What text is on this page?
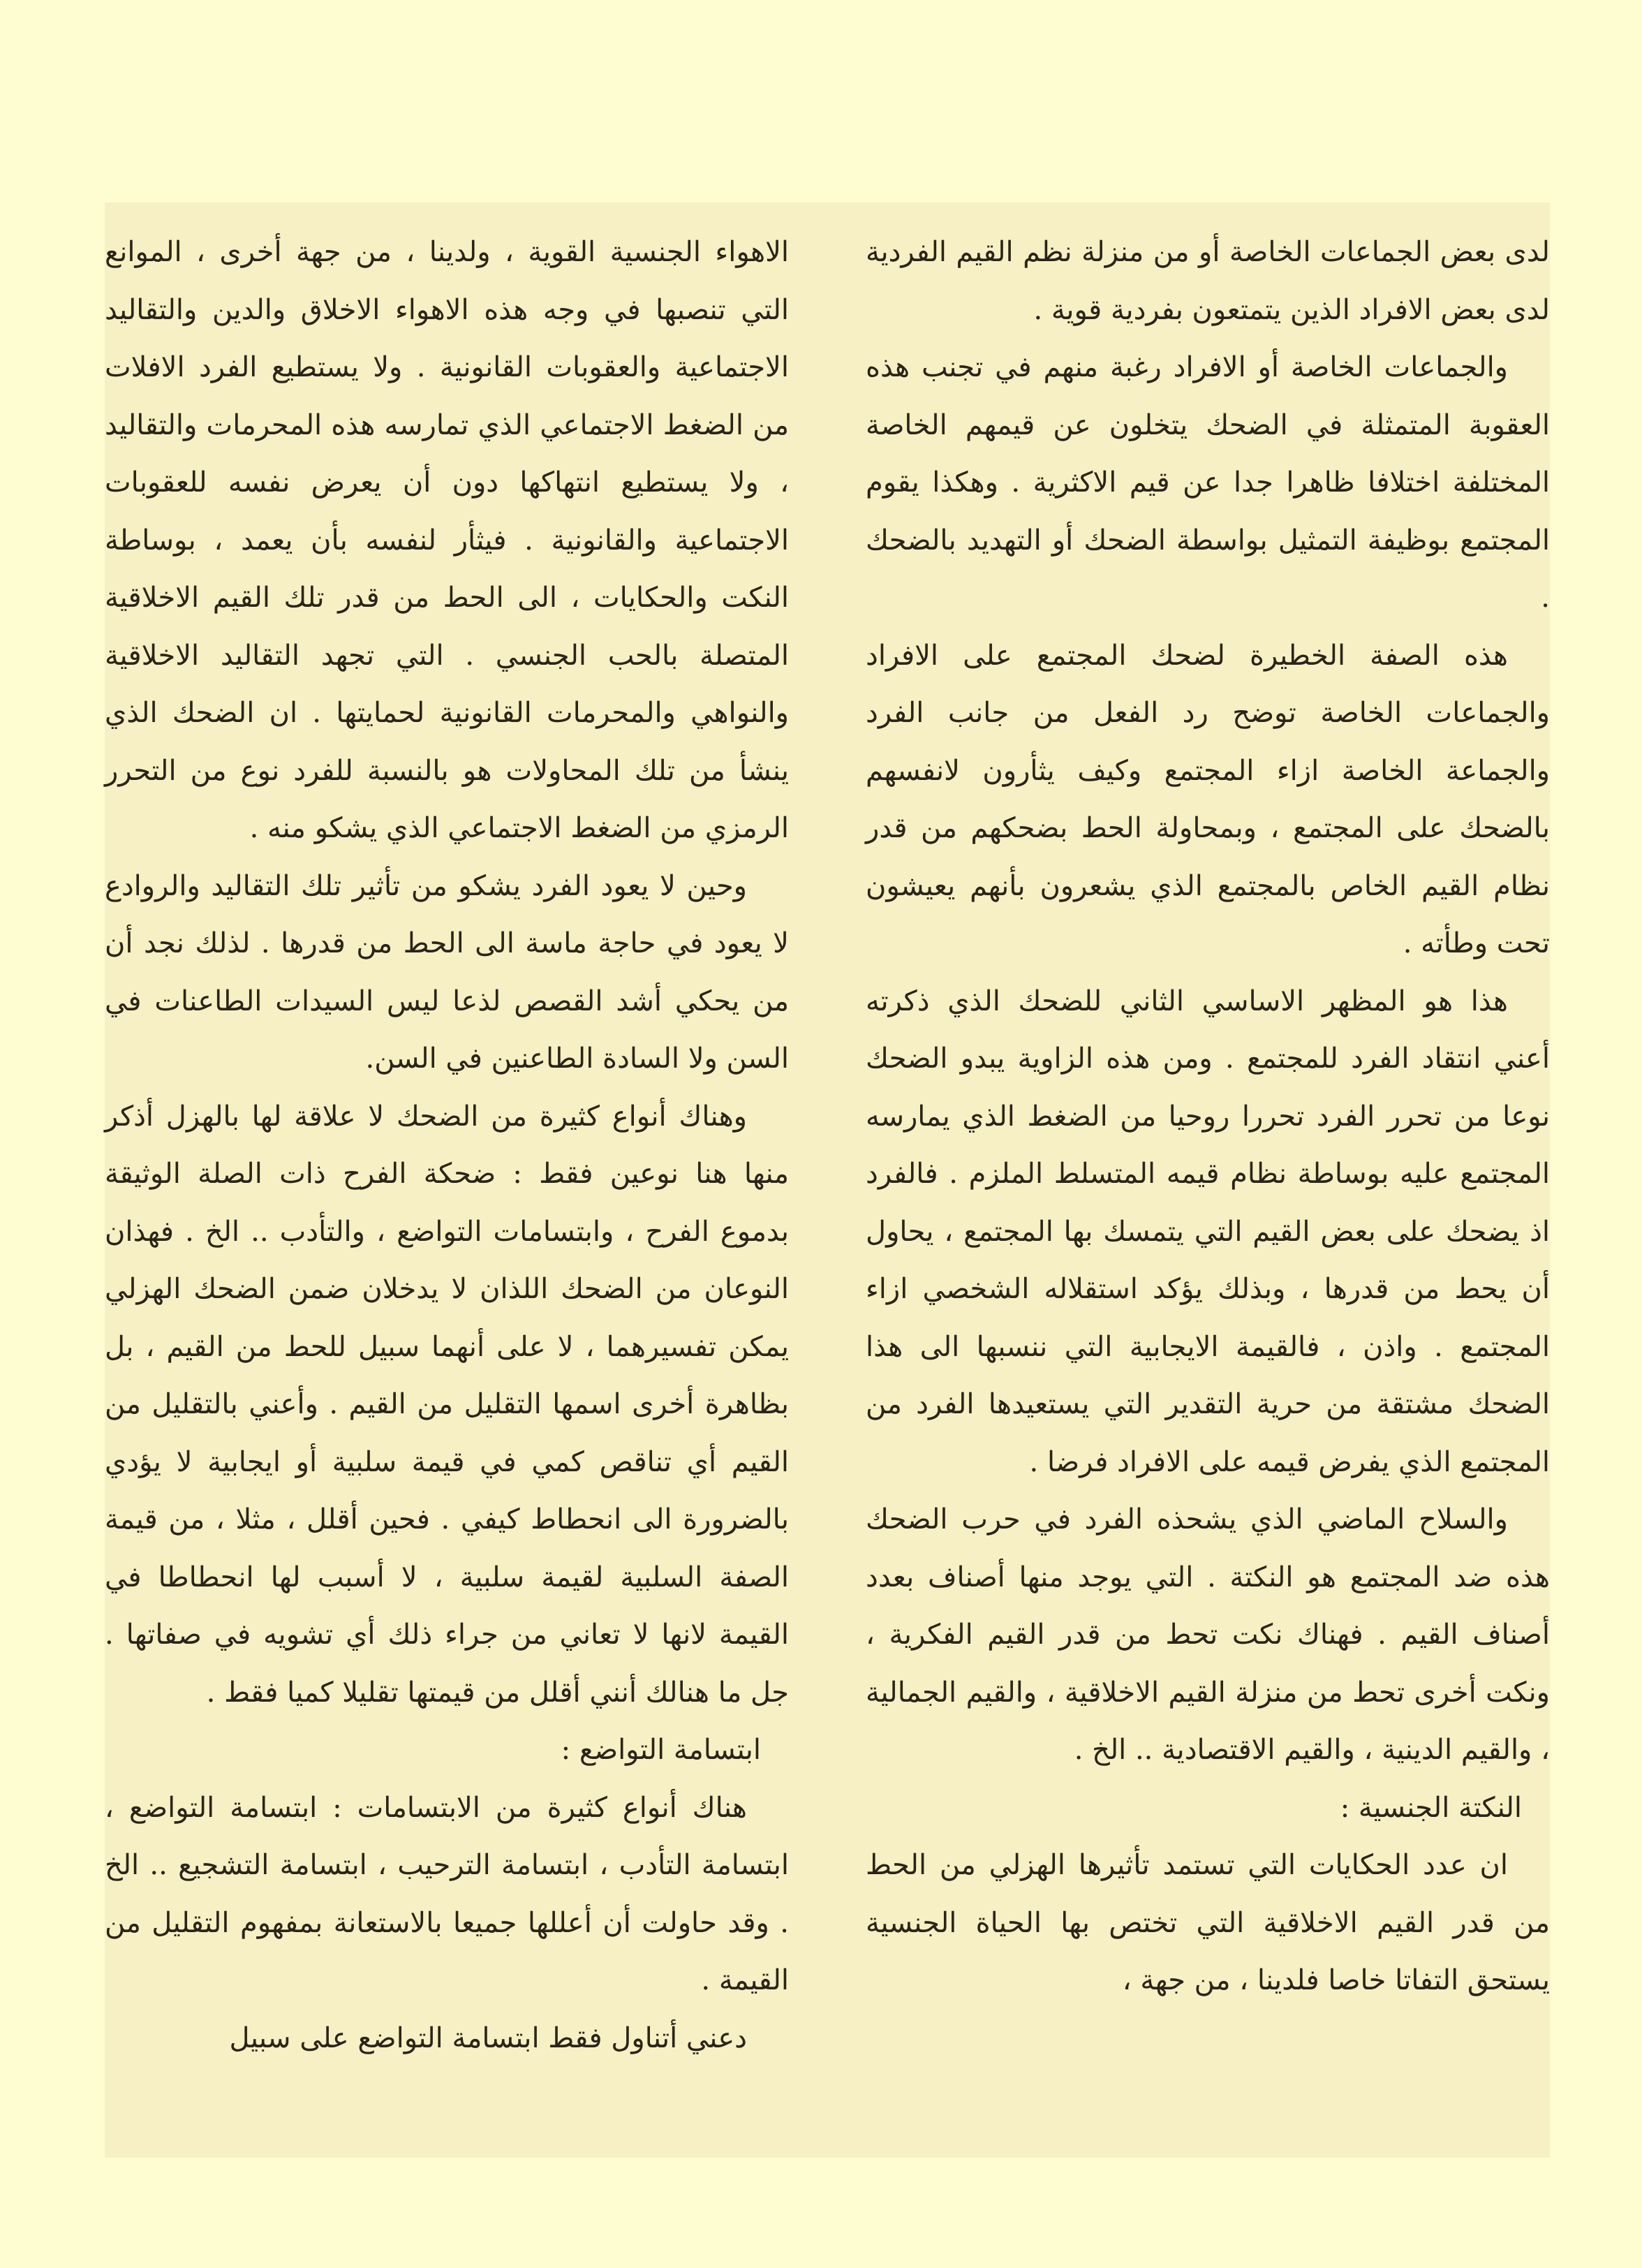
لدى بعض الجماعات الخاصة أو من منزلة نظم القيم الفردية لدى بعض الافراد الذين يتمتعون بفردية قوية .

والجماعات الخاصة أو الافراد رغبة منهم في تجنب هذه العقوبة المتمثلة في الضحك يتخلون عن قيمهم الخاصة المختلفة اختلافا ظاهرا جدا عن قيم الاكثرية . وهكذا يقوم المجتمع بوظيفة التمثيل بواسطة الضحك أو التهديد بالضحك .

هذه الصفة الخطيرة لضحك المجتمع على الافراد والجماعات الخاصة توضح رد الفعل من جانب الفرد والجماعة الخاصة ازاء المجتمع وكيف يثأرون لانفسهم بالضحك على المجتمع ، وبمحاولة الحط بضحكهم من قدر نظام القيم الخاص بالمجتمع الذي يشعرون بأنهم يعيشون تحت وطأته .

هذا هو المظهر الاساسي الثاني للضحك الذي ذكرته أعني انتقاد الفرد للمجتمع . ومن هذه الزاوية يبدو الضحك نوعا من تحرر الفرد تحررا روحيا من الضغط الذي يمارسه المجتمع عليه بوساطة نظام قيمه المتسلط الملزم . فالفرد اذ يضحك على بعض القيم التي يتمسك بها المجتمع ، يحاول أن يحط من قدرها ، وبذلك يؤكد استقلاله الشخصي ازاء المجتمع . واذن ، فالقيمة الايجابية التي ننسبها الى هذا الضحك مشتقة من حرية التقدير التي يستعيدها الفرد من المجتمع الذي يفرض قيمه على الافراد فرضا .

والسلاح الماضي الذي يشحذه الفرد في حرب الضحك هذه ضد المجتمع هو النكتة . التي يوجد منها أصناف بعدد أصناف القيم . فهناك نكت تحط من قدر القيم الفكرية ، ونكت أخرى تحط من منزلة القيم الاخلاقية ، والقيم الجمالية ، والقيم الدينية ، والقيم الاقتصادية .. الخ .

النكتة الجنسية :

ان عدد الحكايات التي تستمد تأثيرها الهزلي من الحط من قدر القيم الاخلاقية التي تختص بها الحياة الجنسية يستحق التفاتا خاصا فلدينا ، من جهة ،

الاهواء الجنسية القوية ، ولدينا ، من جهة أخرى ، الموانع التي تنصبها في وجه هذه الاهواء الاخلاق والدين والتقاليد الاجتماعية والعقوبات القانونية . ولا يستطيع الفرد الافلات من الضغط الاجتماعي الذي تمارسه هذه المحرمات والتقاليد ، ولا يستطيع انتهاكها دون أن يعرض نفسه للعقوبات الاجتماعية والقانونية . فيثأر لنفسه بأن يعمد ، بوساطة النكت والحكايات ، الى الحط من قدر تلك القيم الاخلاقية المتصلة بالحب الجنسي . التي تجهد التقاليد الاخلاقية والنواهي والمحرمات القانونية لحمايتها . ان الضحك الذي ينشأ من تلك المحاولات هو بالنسبة للفرد نوع من التحرر الرمزي من الضغط الاجتماعي الذي يشكو منه .

وحين لا يعود الفرد يشكو من تأثير تلك التقاليد والروادع لا يعود في حاجة ماسة الى الحط من قدرها . لذلك نجد أن من يحكي أشد القصص لذعا ليس السيدات الطاعنات في السن ولا السادة الطاعنين في السن.

وهناك أنواع كثيرة من الضحك لا علاقة لها بالهزل أذكر منها هنا نوعين فقط : ضحكة الفرح ذات الصلة الوثيقة بدموع الفرح ، وابتسامات التواضع ، والتأدب .. الخ . فهذان النوعان من الضحك اللذان لا يدخلان ضمن الضحك الهزلي يمكن تفسيرهما ، لا على أنهما سبيل للحط من القيم ، بل بظاهرة أخرى اسمها التقليل من القيم . وأعني بالتقليل من القيم أي تناقص كمي في قيمة سلبية أو ايجابية لا يؤدي بالضرورة الى انحطاط كيفي . فحين أقلل ، مثلا ، من قيمة الصفة السلبية لقيمة سلبية ، لا أسبب لها انحطاطا في القيمة لانها لا تعاني من جراء ذلك أي تشويه في صفاتها . جل ما هنالك أنني أقلل من قيمتها تقليلا كميا فقط .

ابتسامة التواضع :

هناك أنواع كثيرة من الابتسامات : ابتسامة التواضع ، ابتسامة التأدب ، ابتسامة الترحيب ، ابتسامة التشجيع .. الخ . وقد حاولت أن أعللها جميعا بالاستعانة بمفهوم التقليل من القيمة .

دعني أتناول فقط ابتسامة التواضع على سبيل
